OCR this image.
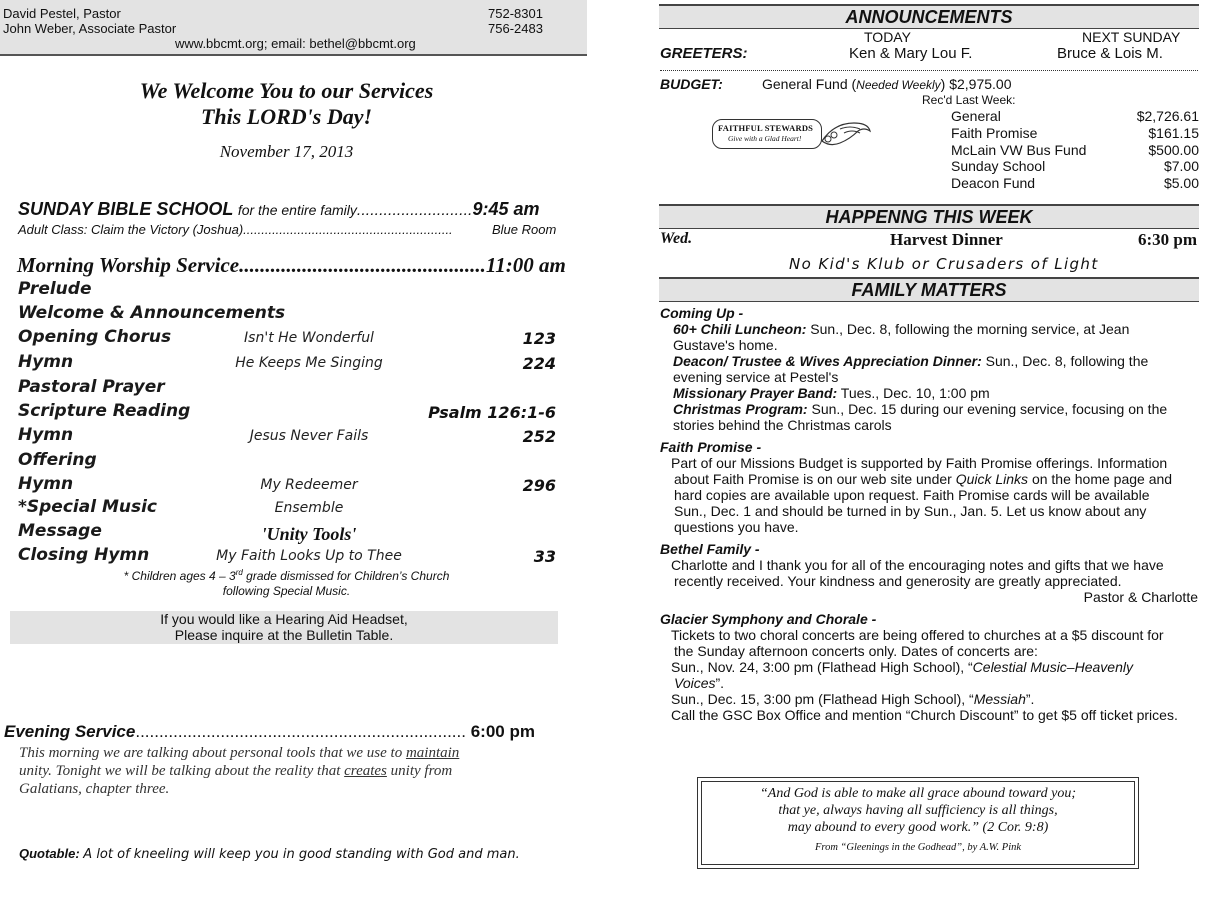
David Pestel, Pastor	752-8301
John Weber, Associate Pastor	756-2483
www.bbcmt.org; email: bethel@bbcmt.org
We Welcome You to our Services
This LORD's Day!
November 17, 2013
SUNDAY BIBLE SCHOOL for the entire family..........................9:45 am
Adult Class: Claim the Victory (Joshua)..........................................................	Blue Room
Morning Worship Service...............................................11:00 am
Prelude
Welcome & Announcements
Opening Chorus	Isn't He Wonderful	123
Hymn	He Keeps Me Singing	224
Pastoral Prayer
Scripture Reading	Psalm 126:1-6
Hymn	Jesus Never Fails	252
Offering
Hymn	My Redeemer	296
*Special Music	Ensemble
Message	'Unity Tools'
Closing Hymn	My Faith Looks Up to Thee	33
* Children ages 4 – 3rd grade dismissed for Children’s Church
following Special Music.
If you would like a Hearing Aid Headset,
Please inquire at the Bulletin Table.
Evening Service...................................................................... 6:00 pm
This morning we are talking about personal tools that we use to maintain
unity. Tonight we will be talking about the reality that creates unity from
Galatians, chapter three.
Quotable: A lot of kneeling will keep you in good standing with God and man.
ANNOUNCEMENTS
TODAY	NEXT SUNDAY
GREETERS:	Ken & Mary Lou F.	Bruce & Lois M.
BUDGET:	General Fund (Needed Weekly) $2,975.00
Rec'd Last Week:
General	$2,726.61
Faith Promise	$161.15
McLain VW Bus Fund	$500.00
Sunday School	$7.00
Deacon Fund	$5.00
FAITHFUL STEWARDS
Give with a Glad Heart!
HAPPENNG THIS WEEK
Wed.	Harvest Dinner	6:30 pm
No Kid's Klub or Crusaders of Light
FAMILY MATTERS
Coming Up -
60+ Chili Luncheon: Sun., Dec. 8, following the morning service, at Jean
Gustave's home.
Deacon/ Trustee & Wives Appreciation Dinner: Sun., Dec. 8, following the
evening service at Pestel's
Missionary Prayer Band: Tues., Dec. 10, 1:00 pm
Christmas Program: Sun., Dec. 15 during our evening service, focusing on the
stories behind the Christmas carols
Faith Promise -
Part of our Missions Budget is supported by Faith Promise offerings. Information
about Faith Promise is on our web site under Quick Links on the home page and
hard copies are available upon request. Faith Promise cards will be available
Sun., Dec. 1 and should be turned in by Sun., Jan. 5. Let us know about any
questions you have.
Bethel Family -
Charlotte and I thank you for all of the encouraging notes and gifts that we have
recently received. Your kindness and generosity are greatly appreciated.
Pastor & Charlotte
Glacier Symphony and Chorale -
Tickets to two choral concerts are being offered to churches at a $5 discount for
the Sunday afternoon concerts only. Dates of concerts are:
Sun., Nov. 24, 3:00 pm (Flathead High School), “Celestial Music–Heavenly
Voices”.
Sun., Dec. 15, 3:00 pm (Flathead High School), “Messiah”.
Call the GSC Box Office and mention “Church Discount” to get $5 off ticket prices.
“And God is able to make all grace abound toward you;
that ye, always having all sufficiency is all things,
may abound to every good work.” (2 Cor. 9:8)
From “Gleenings in the Godhead”, by A.W. Pink
